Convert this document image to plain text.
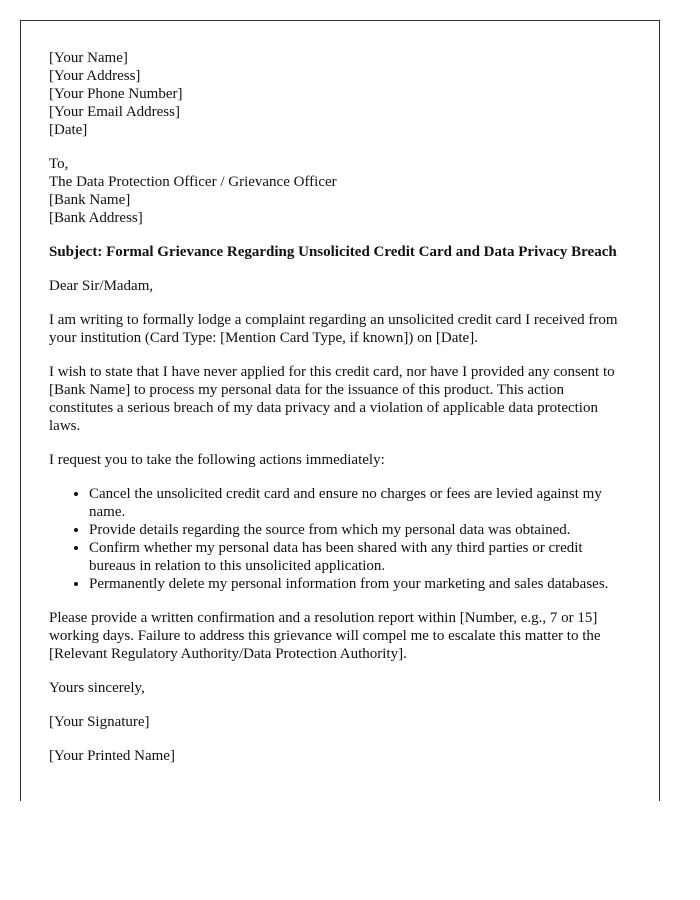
[Your Name]
[Your Address]
[Your Phone Number]
[Your Email Address]
[Date]
To,
The Data Protection Officer / Grievance Officer
[Bank Name]
[Bank Address]

Subject: Formal Grievance Regarding Unsolicited Credit Card and Data Privacy Breach

Dear Sir/Madam,

I am writing to formally lodge a complaint regarding an unsolicited credit card I received from your institution (Card Type: [Mention Card Type, if known]) on [Date].

I wish to state that I have never applied for this credit card, nor have I provided any consent to [Bank Name] to process my personal data for the issuance of this product. This action constitutes a serious breach of my data privacy and a violation of applicable data protection laws.

I request you to take the following actions immediately:

• Cancel the unsolicited credit card and ensure no charges or fees are levied against my name.
• Provide details regarding the source from which my personal data was obtained.
• Confirm whether my personal data has been shared with any third parties or credit bureaus in relation to this unsolicited application.
• Permanently delete my personal information from your marketing and sales databases.

Please provide a written confirmation and a resolution report within [Number, e.g., 7 or 15] working days. Failure to address this grievance will compel me to escalate this matter to the [Relevant Regulatory Authority/Data Protection Authority].

Yours sincerely,

[Your Signature]

[Your Printed Name]
